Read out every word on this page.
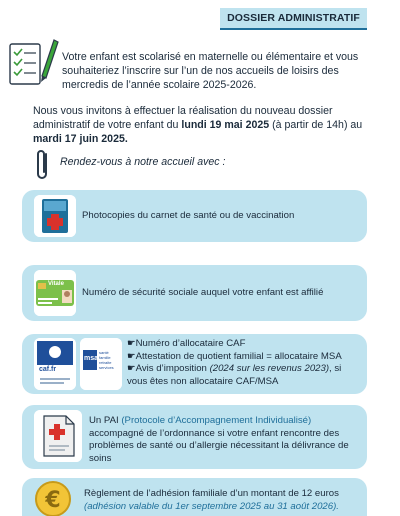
DOSSIER ADMINISTRATIF
Votre enfant est scolarisé en maternelle ou élémentaire et vous souhaiteriez l’inscrire sur l’un de nos accueils de loisirs des mercredis de l’année scolaire 2025-2026.
Nous vous invitons à effectuer la réalisation du nouveau dossier administratif de votre enfant du lundi 19 mai 2025 (à partir de 14h) au mardi 17 juin 2025.
Rendez-vous à notre accueil avec :
Photocopies du carnet de santé ou de vaccination
Vitale
Numéro de sécurité sociale auquel votre enfant est affilié
caf.fr
msa
santé famille retraite services
☛Numéro d’allocataire CAF
☛Attestation de quotient familial = allocataire MSA
☛Avis d’imposition (2024 sur les revenus 2023), si vous êtes non allocataire CAF/MSA
Un PAI (Protocole d’Accompagnement Individualisé) accompagné de l’ordonnance si votre enfant rencontre des problèmes de santé ou d’allergie nécessitant la délivrance de soins
€ Règlement de l’adhésion familiale d’un montant de 12 euros
(adhésion valable du 1er septembre 2025 au 31 août 2026).
